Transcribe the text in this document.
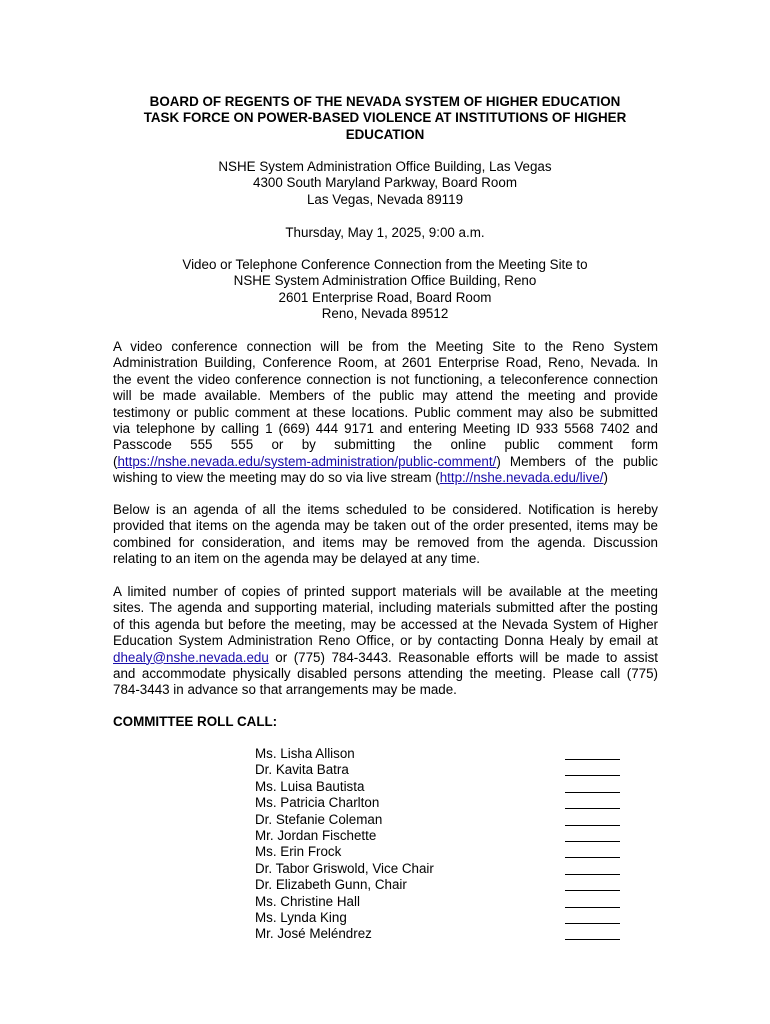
BOARD OF REGENTS OF THE NEVADA SYSTEM OF HIGHER EDUCATION
TASK FORCE ON POWER-BASED VIOLENCE AT INSTITUTIONS OF HIGHER
EDUCATION
NSHE System Administration Office Building, Las Vegas
4300 South Maryland Parkway, Board Room
Las Vegas, Nevada 89119
Thursday, May 1, 2025, 9:00 a.m.
Video or Telephone Conference Connection from the Meeting Site to
NSHE System Administration Office Building, Reno
2601 Enterprise Road, Board Room
Reno, Nevada 89512
A video conference connection will be from the Meeting Site to the Reno System
Administration Building, Conference Room, at 2601 Enterprise Road, Reno, Nevada. In
the event the video conference connection is not functioning, a teleconference connection
will be made available. Members of the public may attend the meeting and provide
testimony or public comment at these locations. Public comment may also be submitted
via telephone by calling 1 (669) 444 9171 and entering Meeting ID 933 5568 7402 and
Passcode 555 555 or by submitting the online public comment form
(https://nshe.nevada.edu/system-administration/public-comment/) Members of the public
wishing to view the meeting may do so via live stream (http://nshe.nevada.edu/live/)
Below is an agenda of all the items scheduled to be considered. Notification is hereby
provided that items on the agenda may be taken out of the order presented, items may be
combined for consideration, and items may be removed from the agenda. Discussion
relating to an item on the agenda may be delayed at any time.
A limited number of copies of printed support materials will be available at the meeting
sites. The agenda and supporting material, including materials submitted after the posting
of this agenda but before the meeting, may be accessed at the Nevada System of Higher
Education System Administration Reno Office, or by contacting Donna Healy by email at
dhealy@nshe.nevada.edu or (775) 784-3443. Reasonable efforts will be made to assist
and accommodate physically disabled persons attending the meeting. Please call (775)
784-3443 in advance so that arrangements may be made.
COMMITTEE ROLL CALL:
Ms. Lisha Allison
Dr. Kavita Batra
Ms. Luisa Bautista
Ms. Patricia Charlton
Dr. Stefanie Coleman
Mr. Jordan Fischette
Ms. Erin Frock
Dr. Tabor Griswold, Vice Chair
Dr. Elizabeth Gunn, Chair
Ms. Christine Hall
Ms. Lynda King
Mr. José Meléndrez
